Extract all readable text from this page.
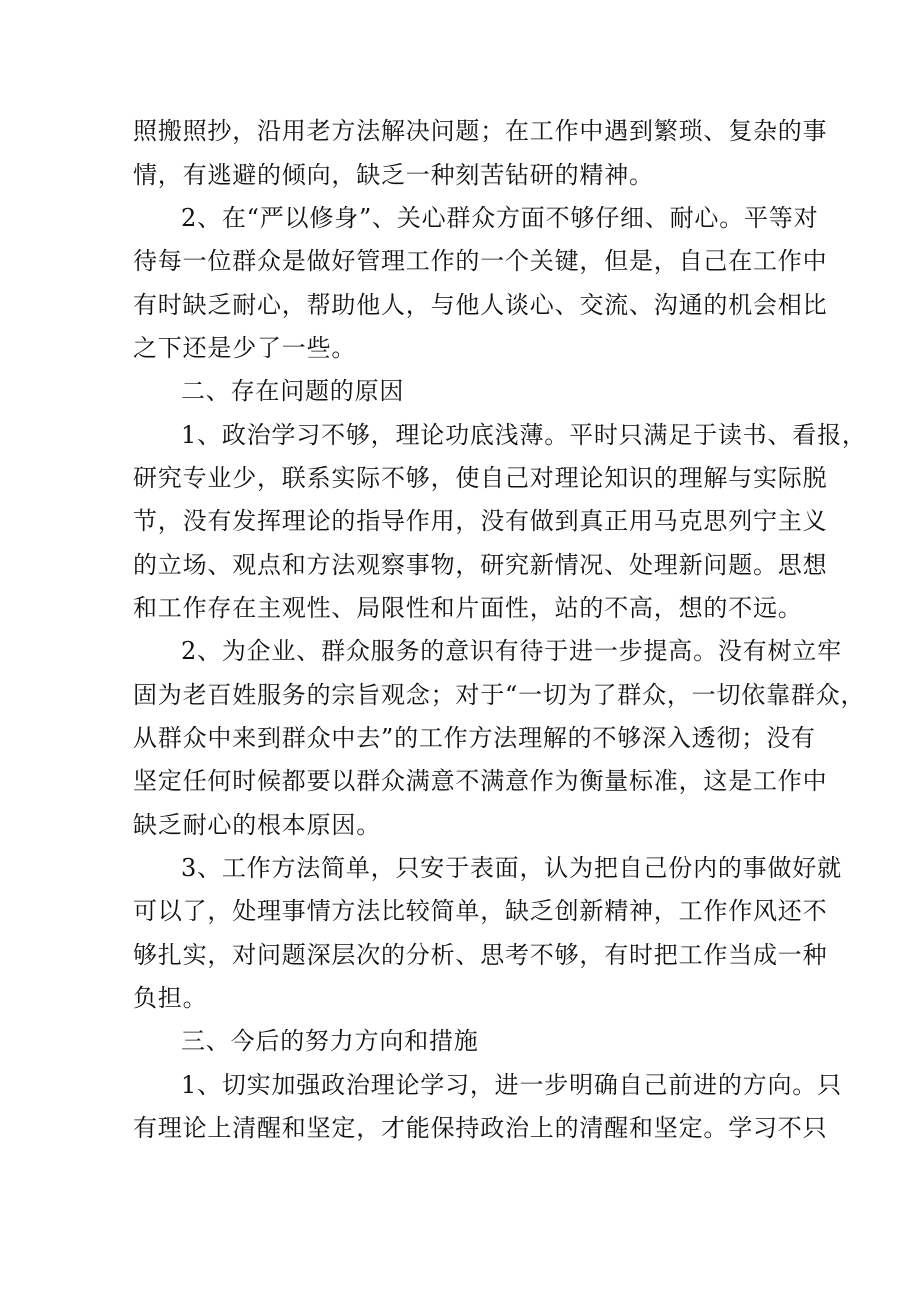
照搬照抄，沿用老方法解决问题；在工作中遇到繁琐、复杂的事

情，有逃避的倾向，缺乏一种刻苦钻研的精神。

2、在“严以修身”、关心群众方面不够仔细、耐心。平等对

待每一位群众是做好管理工作的一个关键，但是，自己在工作中

有时缺乏耐心，帮助他人，与他人谈心、交流、沟通的机会相比

之下还是少了一些。

二、存在问题的原因

1、政治学习不够，理论功底浅薄。平时只满足于读书、看报，

研究专业少，联系实际不够，使自己对理论知识的理解与实际脱

节，没有发挥理论的指导作用，没有做到真正用马克思列宁主义

的立场、观点和方法观察事物，研究新情况、处理新问题。思想

和工作存在主观性、局限性和片面性，站的不高，想的不远。

2、为企业、群众服务的意识有待于进一步提高。没有树立牢

固为老百姓服务的宗旨观念；对于“一切为了群众，一切依靠群众，

从群众中来到群众中去”的工作方法理解的不够深入透彻；没有

坚定任何时候都要以群众满意不满意作为衡量标准，这是工作中

缺乏耐心的根本原因。

3、工作方法简单，只安于表面，认为把自己份内的事做好就

可以了，处理事情方法比较简单，缺乏创新精神，工作作风还不

够扎实，对问题深层次的分析、思考不够，有时把工作当成一种

负担。

三、今后的努力方向和措施

1、切实加强政治理论学习，进一步明确自己前进的方向。只

有理论上清醒和坚定，才能保持政治上的清醒和坚定。学习不只
